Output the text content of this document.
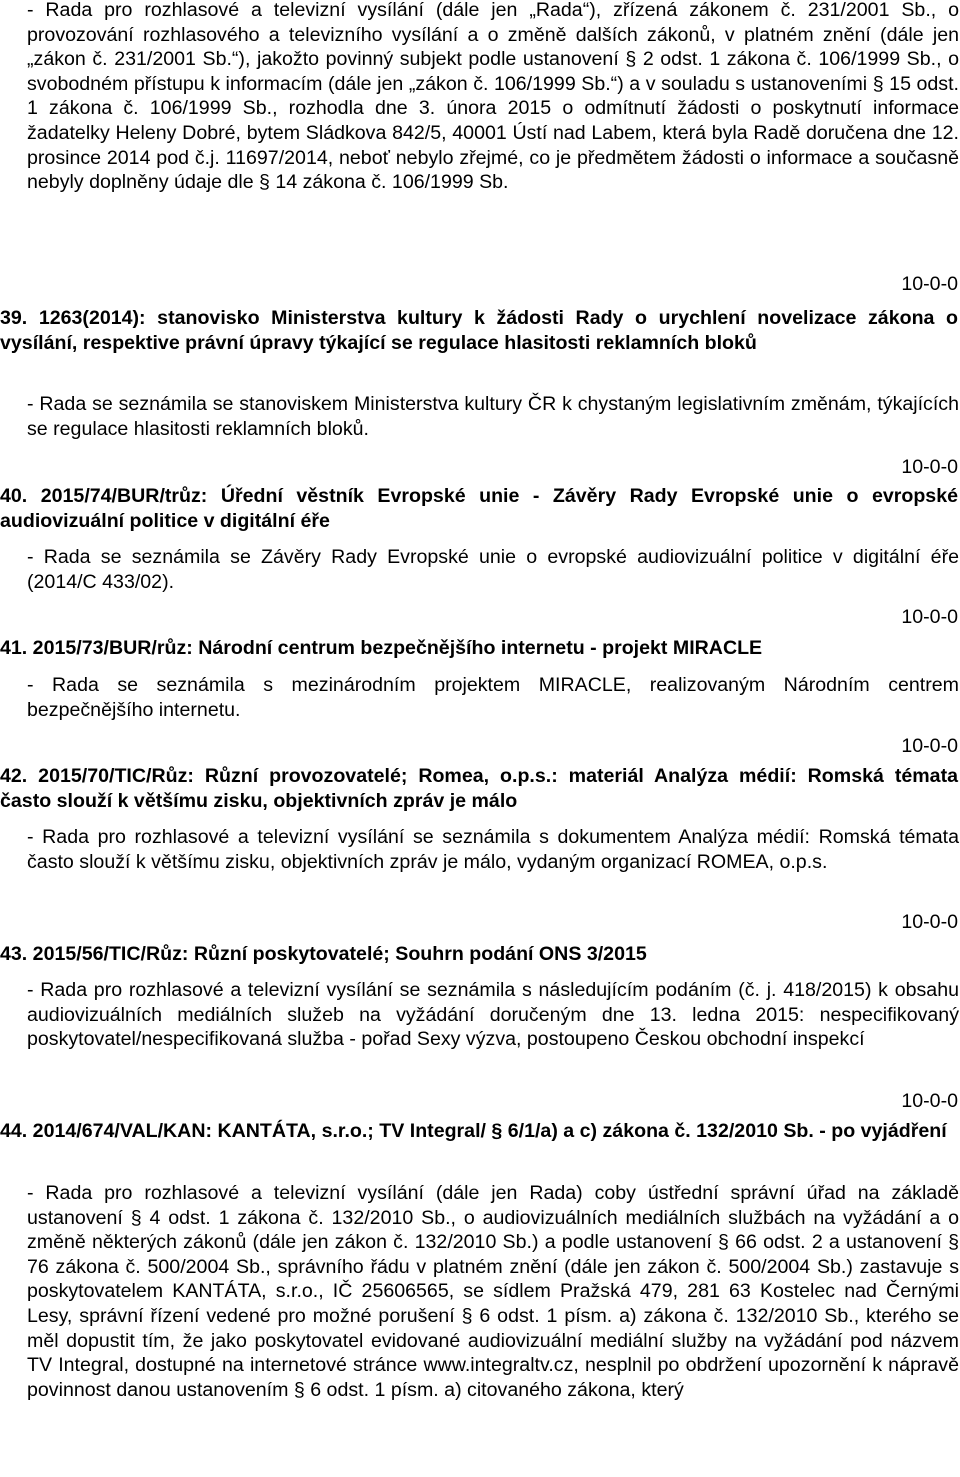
- Rada pro rozhlasové a televizní vysílání (dále jen „Rada“), zřízená zákonem č. 231/2001 Sb., o provozování rozhlasového a televizního vysílání a o změně dalších zákonů, v platném znění (dále jen „zákon č. 231/2001 Sb.“), jakožto povinný subjekt podle ustanovení § 2 odst. 1 zákona č. 106/1999 Sb., o svobodném přístupu k informacím (dále jen „zákon č. 106/1999 Sb.“) a v souladu s ustanoveními § 15 odst. 1 zákona č. 106/1999 Sb., rozhodla dne 3. února 2015 o odmítnutí žádosti o poskytnutí informace žadatelky Heleny Dobré, bytem Sládkova 842/5, 40001 Ústí nad Labem, která byla Radě doručena dne 12. prosince 2014 pod č.j. 11697/2014, neboť nebylo zřejmé, co je předmětem žádosti o informace a současně nebyly doplněny údaje dle § 14 zákona č. 106/1999 Sb.

10-0-0

39. 1263(2014): stanovisko Ministerstva kultury k žádosti Rady o urychlení novelizace zákona o vysílání, respektive právní úpravy týkající se regulace hlasitosti reklamních bloků

- Rada se seznámila se stanoviskem Ministerstva kultury ČR k chystaným legislativním změnám, týkajících se regulace hlasitosti reklamních bloků.

10-0-0

40. 2015/74/BUR/trůz: Úřední věstník Evropské unie - Závěry Rady Evropské unie o evropské audiovizuální politice v digitální éře

- Rada se seznámila se Závěry Rady Evropské unie o evropské audiovizuální politice v digitální éře (2014/C 433/02).

10-0-0

41. 2015/73/BUR/růz: Národní centrum bezpečnějšího internetu - projekt MIRACLE

- Rada se seznámila s mezinárodním projektem MIRACLE, realizovaným Národním centrem bezpečnějšího internetu.

10-0-0

42. 2015/70/TIC/Růz: Různí provozovatelé; Romea, o.p.s.: materiál Analýza médií: Romská témata často slouží k většímu zisku, objektivních zpráv je málo

- Rada pro rozhlasové a televizní vysílání se seznámila s dokumentem Analýza médií: Romská témata často slouží k většímu zisku, objektivních zpráv je málo, vydaným organizací ROMEA, o.p.s.

10-0-0

43. 2015/56/TIC/Růz: Různí poskytovatelé; Souhrn podání ONS 3/2015

- Rada pro rozhlasové a televizní vysílání se seznámila s následujícím podáním (č. j. 418/2015) k obsahu audiovizuálních mediálních služeb na vyžádání doručeným dne 13. ledna 2015: nespecifikovaný poskytovatel/nespecifikovaná služba - pořad Sexy výzva, postoupeno Českou obchodní inspekcí

10-0-0

44. 2014/674/VAL/KAN: KANTÁTA, s.r.o.; TV Integral/ § 6/1/a) a c) zákona č. 132/2010 Sb. - po vyjádření

- Rada pro rozhlasové a televizní vysílání (dále jen Rada) coby ústřední správní úřad na základě ustanovení § 4 odst. 1 zákona č. 132/2010 Sb., o audiovizuálních mediálních službách na vyžádání a o změně některých zákonů (dále jen zákon č. 132/2010 Sb.) a podle ustanovení § 66 odst. 2 a ustanovení § 76 zákona č. 500/2004 Sb., správního řádu v platném znění (dále jen zákon č. 500/2004 Sb.) zastavuje s poskytovatelem KANTÁTA, s.r.o., IČ 25606565, se sídlem Pražská 479, 281 63 Kostelec nad Černými Lesy, správní řízení vedené pro možné porušení § 6 odst. 1 písm. a) zákona č. 132/2010 Sb., kterého se měl dopustit tím, že jako poskytovatel evidované audiovizuální mediální služby na vyžádání pod názvem TV Integral, dostupné na internetové stránce www.integraltv.cz, nesplnil po obdržení upozornění k nápravě povinnost danou ustanovením § 6 odst. 1 písm. a) citovaného zákona, který
